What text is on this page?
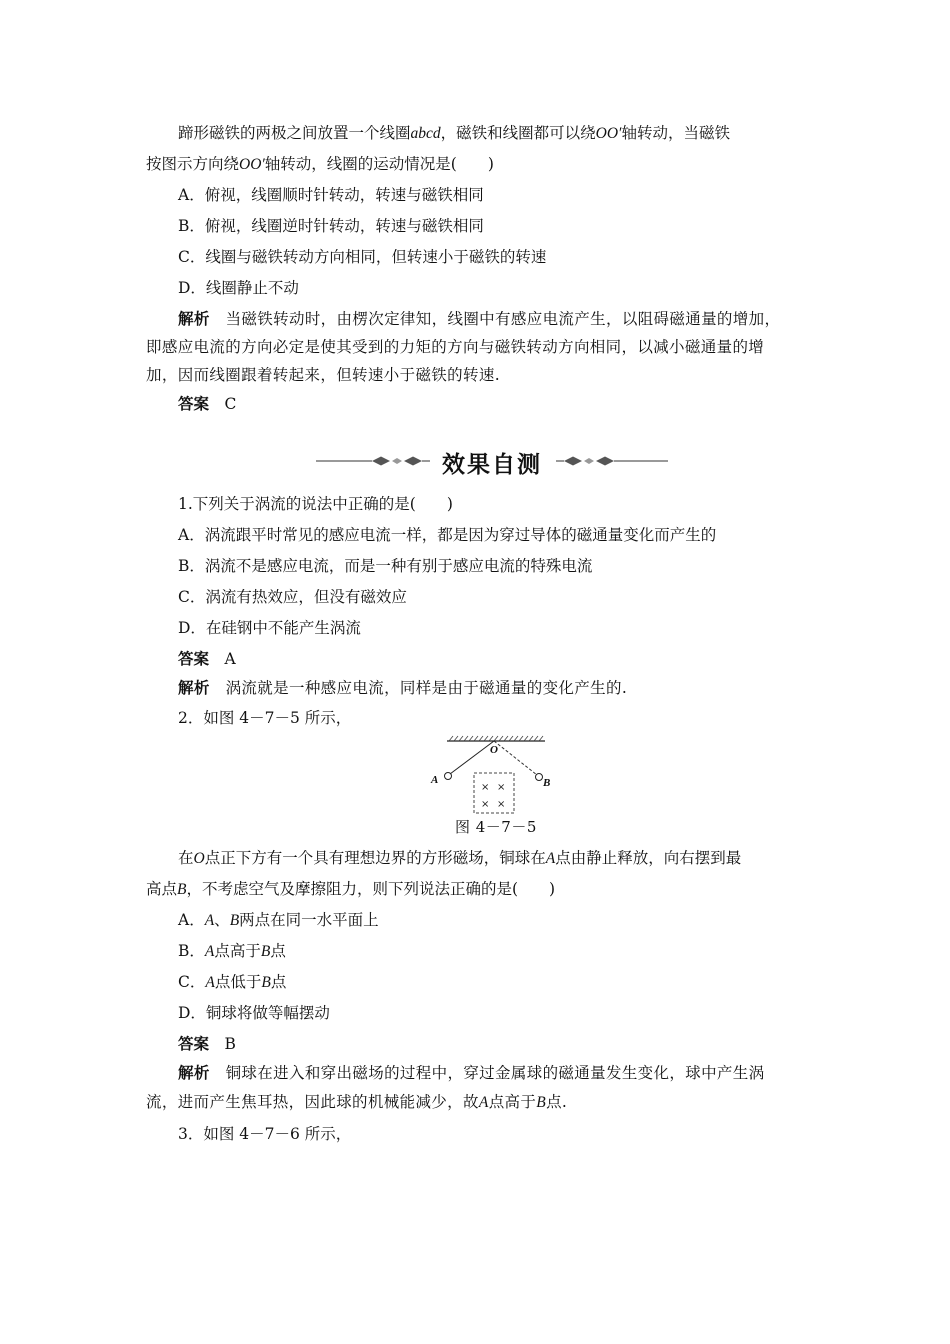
蹄形磁铁的两极之间放置一个线圈abcd，磁铁和线圈都可以绕OO′轴转动，当磁铁
按图示方向绕OO′轴转动，线圈的运动情况是(　　)
A．俯视，线圈顺时针转动，转速与磁铁相同
B．俯视，线圈逆时针转动，转速与磁铁相同
C．线圈与磁铁转动方向相同，但转速小于磁铁的转速
D．线圈静止不动
解析　 当磁铁转动时，由楞次定律知，线圈中有感应电流产生，以阻碍磁通量的增加，
即感应电流的方向必定是使其受到的力矩的方向与磁铁转动方向相同，以减小磁通量的增
加，因而线圈跟着转起来，但转速小于磁铁的转速.
答案　 C
效果自测
1.下列关于涡流的说法中正确的是(　　)
A．涡流跟平时常见的感应电流一样，都是因为穿过导体的磁通量变化而产生的
B．涡流不是感应电流，而是一种有别于感应电流的特殊电流
C．涡流有热效应，但没有磁效应
D．在硅钢中不能产生涡流
答案　 A
解析　 涡流就是一种感应电流，同样是由于磁通量的变化产生的.
2．如图 4－7－5 所示，
O
A	B
× ×
× ×
图 4－7－5
在O点正下方有一个具有理想边界的方形磁场，铜球在A点由静止释放，向右摆到最
高点B，不考虑空气及摩擦阻力，则下列说法正确的是(　　)
A．A、B两点在同一水平面上
B．A点高于B点
C．A点低于B点
D．铜球将做等幅摆动
答案　 B
解析　 铜球在进入和穿出磁场的过程中，穿过金属球的磁通量发生变化，球中产生涡
流，进而产生焦耳热，因此球的机械能减少，故A点高于B点.
3．如图 4－7－6 所示，
